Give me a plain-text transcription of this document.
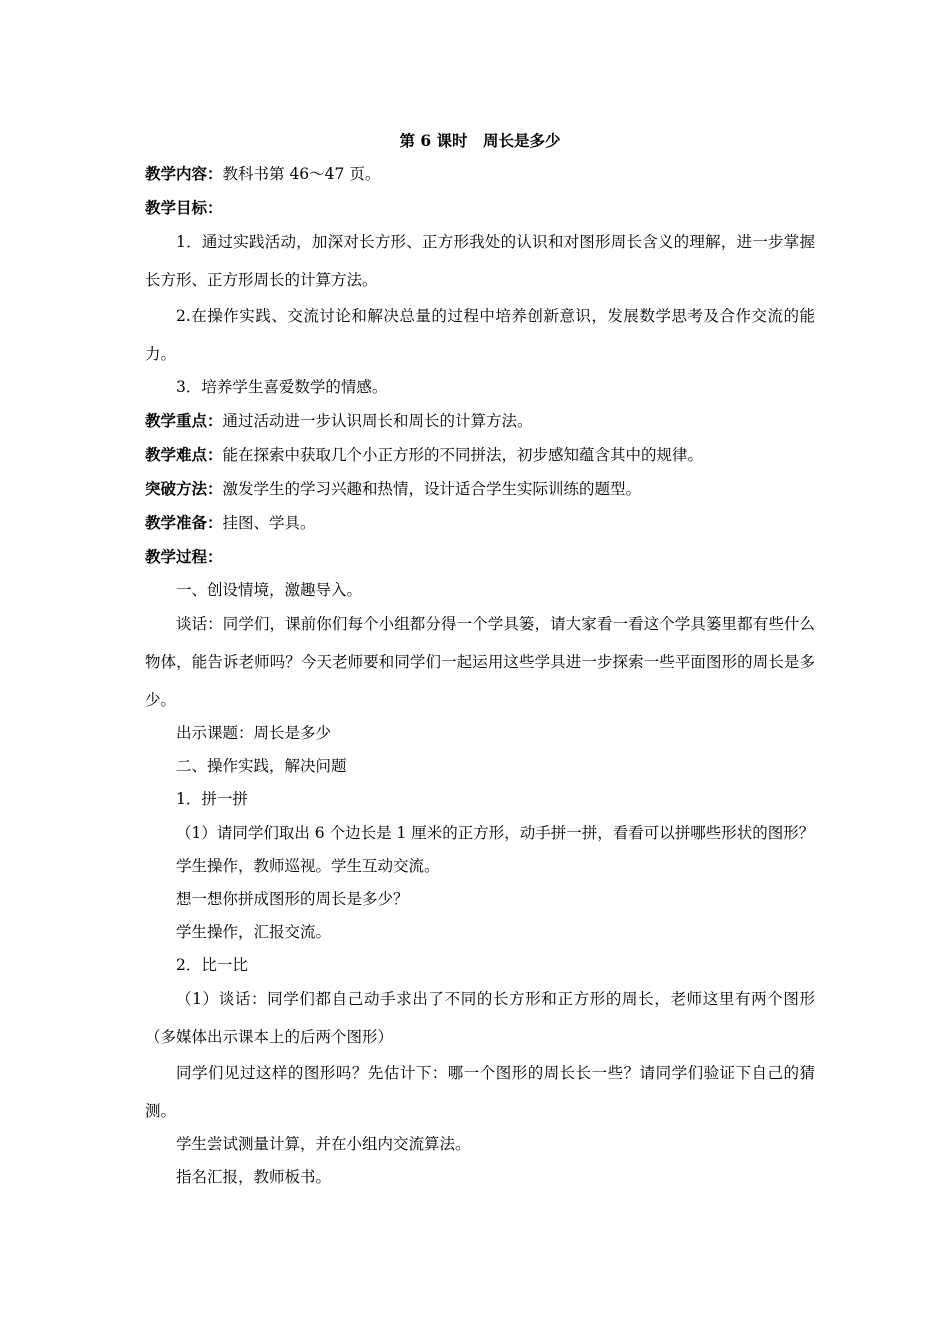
第 6 课时　周长是多少
教学内容：教科书第 46～47 页。
教学目标：
1．通过实践活动，加深对长方形、正方形我处的认识和对图形周长含义的理解，进一步掌握长方形、正方形周长的计算方法。
2.在操作实践、交流讨论和解决总量的过程中培养创新意识，发展数学思考及合作交流的能力。
3．培养学生喜爱数学的情感。
教学重点：通过活动进一步认识周长和周长的计算方法。
教学难点：能在探索中获取几个小正方形的不同拼法，初步感知蕴含其中的规律。
突破方法：激发学生的学习兴趣和热情，设计适合学生实际训练的题型。
教学准备：挂图、学具。
教学过程：
一、创设情境，激趣导入。
谈话：同学们，课前你们每个小组都分得一个学具篓，请大家看一看这个学具篓里都有些什么物体，能告诉老师吗？今天老师要和同学们一起运用这些学具进一步探索一些平面图形的周长是多少。
出示课题：周长是多少
二、操作实践，解决问题
1．拼一拼
（1）请同学们取出 6 个边长是 1 厘米的正方形，动手拼一拼，看看可以拼哪些形状的图形？
学生操作，教师巡视。学生互动交流。
想一想你拼成图形的周长是多少？
学生操作，汇报交流。
2．比一比
（1）谈话：同学们都自己动手求出了不同的长方形和正方形的周长，老师这里有两个图形（多媒体出示课本上的后两个图形）
同学们见过这样的图形吗？先估计下：哪一个图形的周长长一些？请同学们验证下自己的猜测。
学生尝试测量计算，并在小组内交流算法。
指名汇报，教师板书。
